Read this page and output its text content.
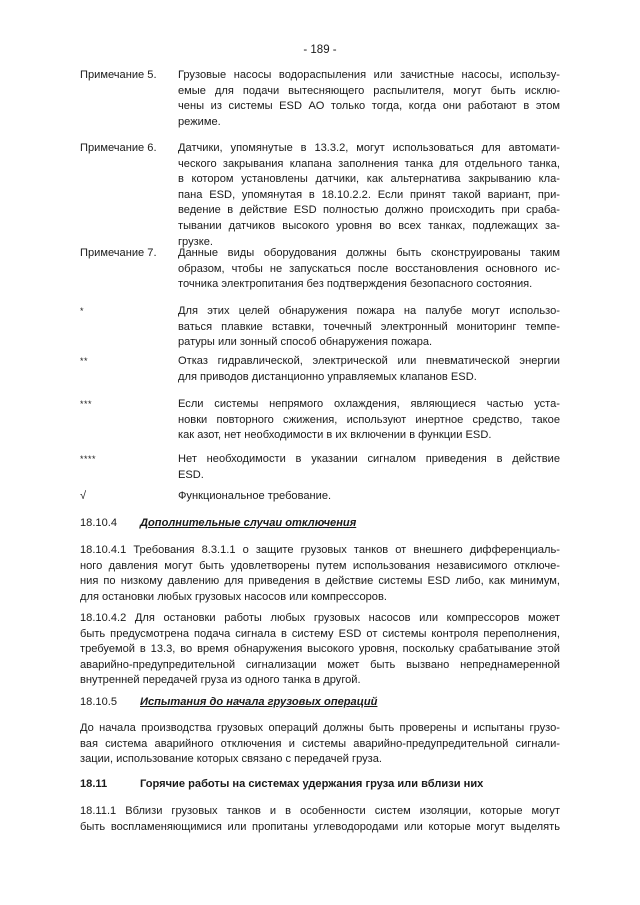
- 189 -
Примечание 5.	Грузовые насосы водораспыления или зачистные насосы, использу-
емые для подачи вытесняющего распылителя, могут быть исклю-
чены из системы ESD АО только тогда, когда они работают в этом
режиме.
Примечание 6.	Датчики, упомянутые в 13.3.2, могут использоваться для автомати-
ческого закрывания клапана заполнения танка для отдельного танка,
в котором установлены датчики, как альтернатива закрыванию кла-
пана ESD, упомянутая в 18.10.2.2. Если принят такой вариант, при-
ведение в действие ESD полностью должно происходить при сраба-
тывании датчиков высокого уровня во всех танках, подлежащих за-
грузке.
Примечание 7.	Данные виды оборудования должны быть сконструированы таким
образом, чтобы не запускаться после восстановления основного ис-
точника электропитания без подтверждения безопасного состояния.
*	Для этих целей обнаружения пожара на палубе могут использо-
ваться плавкие вставки, точечный электронный мониторинг темпе-
ратуры или зонный способ обнаружения пожара.
**	Отказ гидравлической, электрической или пневматической энергии
для приводов дистанционно управляемых клапанов ESD.
***	Если системы непрямого охлаждения, являющиеся частью уста-
новки повторного сжижения, используют инертное средство, такое
как азот, нет необходимости в их включении в функции ESD.
****	Нет необходимости в указании сигналом приведения в действие
ESD.
√	Функциональное требование.
18.10.4	Дополнительные случаи отключения
18.10.4.1 Требования 8.3.1.1 о защите грузовых танков от внешнего дифференциаль-
ного давления могут быть удовлетворены путем использования независимого отключе-
ния по низкому давлению для приведения в действие системы ESD либо, как минимум,
для остановки любых грузовых насосов или компрессоров.
18.10.4.2 Для остановки работы любых грузовых насосов или компрессоров может
быть предусмотрена подача сигнала в систему ESD от системы контроля переполнения,
требуемой в 13.3, во время обнаружения высокого уровня, поскольку срабатывание этой
аварийно-предупредительной сигнализации может быть вызвано непреднамеренной
внутренней передачей груза из одного танка в другой.
18.10.5	Испытания до начала грузовых операций
До начала производства грузовых операций должны быть проверены и испытаны грузо-
вая система аварийного отключения и системы аварийно-предупредительной сигнали-
зации, использование которых связано с передачей груза.
18.11	Горячие работы на системах удержания груза или вблизи них
18.11.1 Вблизи грузовых танков и в особенности систем изоляции, которые могут
быть воспламеняющимися или пропитаны углеводородами или которые могут выделять
